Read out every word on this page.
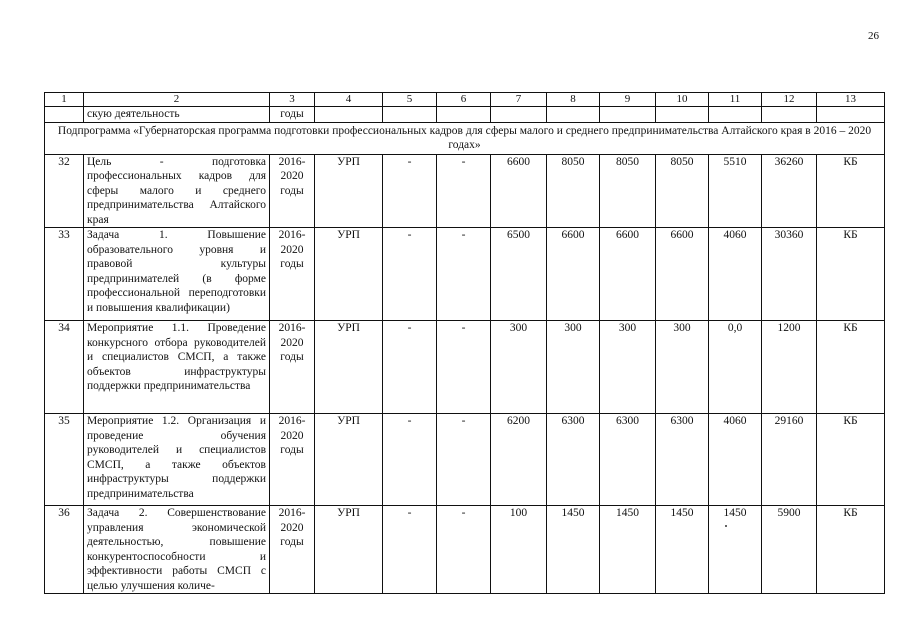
26
1	2	3	4	5	6	7	8	9	10	11	12	13
	скую деятельность	годы										
Подпрограмма «Губернаторская программа подготовки профессиональных кадров для сферы малого и среднего предпринимательства Алтайского края в 2016 – 2020 годах»												
32	Цель - подготовка профессиональных кадров для сферы малого и среднего предпринимательства Алтайского края	2016-2020 годы	УРП	-	-	6600	8050	8050	8050	5510	36260	КБ
33	Задача 1. Повышение образовательного уровня и правовой культуры предпринимателей (в форме профессиональной переподготовки и повышения квалификации)	2016-2020 годы	УРП	-	-	6500	6600	6600	6600	4060	30360	КБ
34	Мероприятие 1.1. Проведение конкурсного отбора руководителей и специалистов СМСП, а также объектов инфраструктуры поддержки предпринимательства	2016-2020 годы	УРП	-	-	300	300	300	300	0,0	1200	КБ
35	Мероприятие 1.2. Организация и проведение обучения руководителей и специалистов СМСП, а также объектов инфраструктуры поддержки предпринимательства	2016-2020 годы	УРП	-	-	6200	6300	6300	6300	4060	29160	КБ
36	Задача 2. Совершенствование управления экономической деятельностью, повышение конкурентоспособности и эффективности работы СМСП с целью улучшения количе-	2016-2020 годы	УРП	-	-	100	1450	1450	1450	1450	5900	КБ
